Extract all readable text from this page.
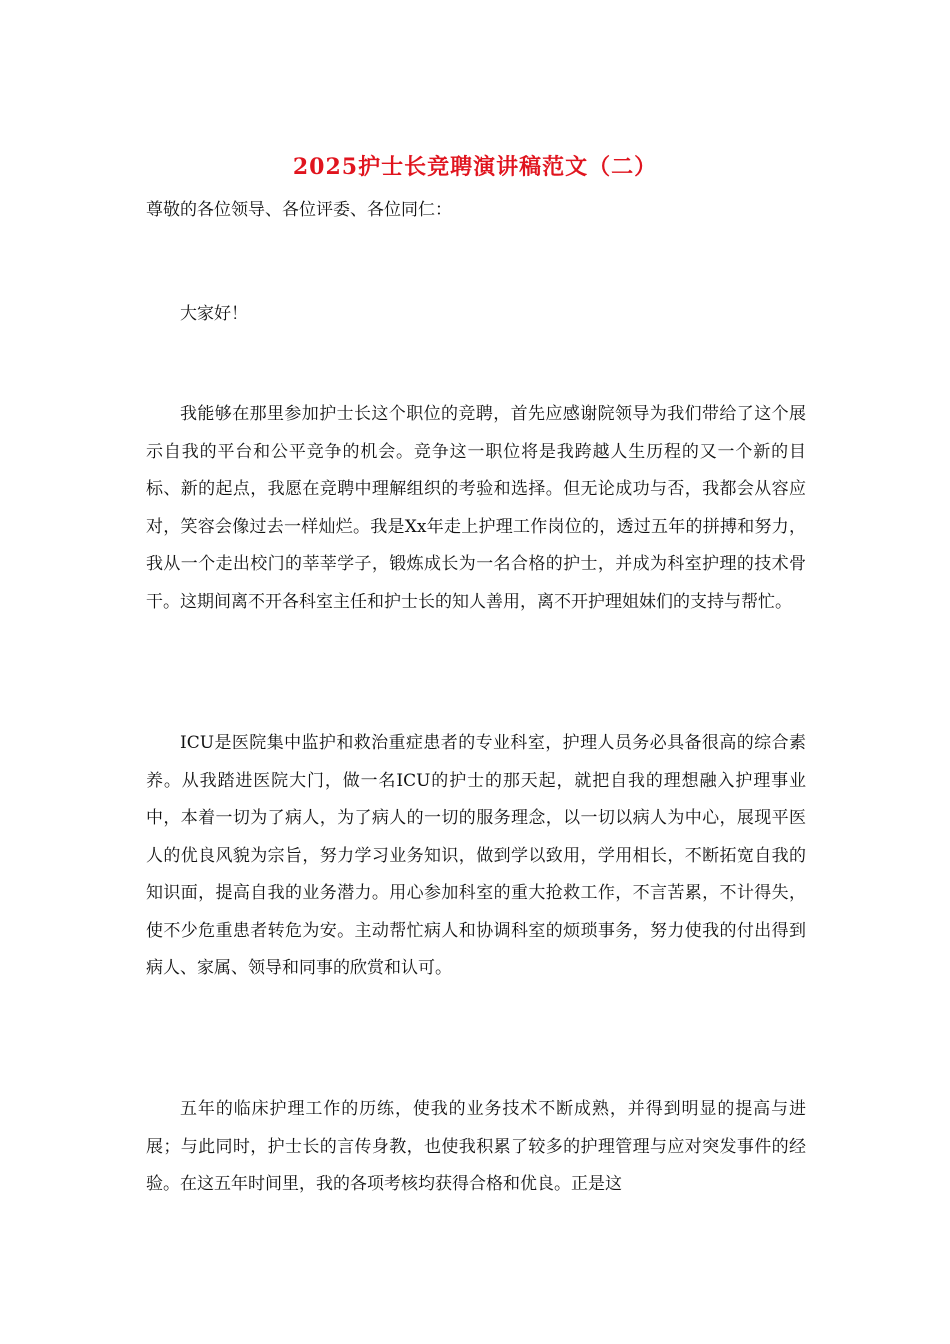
2025护士长竞聘演讲稿范文（二）
尊敬的各位领导、各位评委、各位同仁：

大家好！

我能够在那里参加护士长这个职位的竞聘，首先应感谢院领导为我们带给了这个展示自我的平台和公平竞争的机会。竞争这一职位将是我跨越人生历程的又一个新的目标、新的起点，我愿在竞聘中理解组织的考验和选择。但无论成功与否，我都会从容应对，笑容会像过去一样灿烂。我是Xx年走上护理工作岗位的，透过五年的拼搏和努力，我从一个走出校门的莘莘学子，锻炼成长为一名合格的护士，并成为科室护理的技术骨干。这期间离不开各科室主任和护士长的知人善用，离不开护理姐妹们的支持与帮忙。

ICU是医院集中监护和救治重症患者的专业科室，护理人员务必具备很高的综合素养。从我踏进医院大门，做一名ICU的护士的那天起，就把自我的理想融入护理事业中，本着一切为了病人，为了病人的一切的服务理念，以一切以病人为中心，展现平医人的优良风貌为宗旨，努力学习业务知识，做到学以致用，学用相长，不断拓宽自我的知识面，提高自我的业务潜力。用心参加科室的重大抢救工作，不言苦累，不计得失，使不少危重患者转危为安。主动帮忙病人和协调科室的烦琐事务，努力使我的付出得到病人、家属、领导和同事的欣赏和认可。

五年的临床护理工作的历练，使我的业务技术不断成熟，并得到明显的提高与进展；与此同时，护士长的言传身教，也使我积累了较多的护理管理与应对突发事件的经验。在这五年时间里，我的各项考核均获得合格和优良。正是这
